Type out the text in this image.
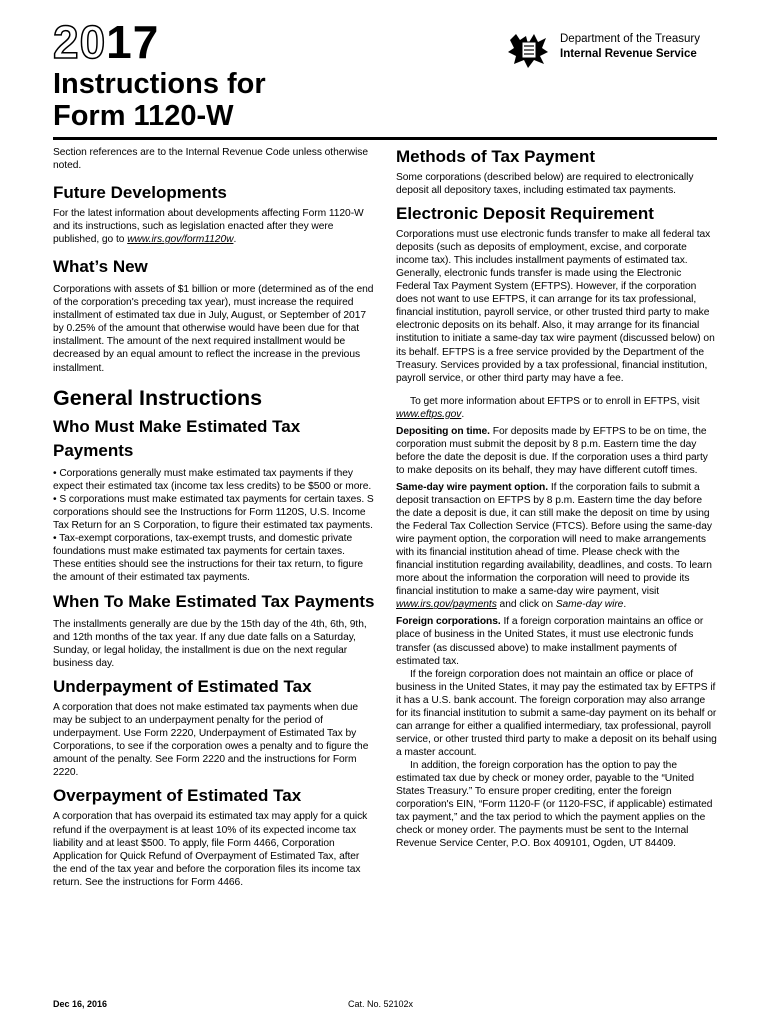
2017
Instructions for
Form 1120-W
Department of the Treasury
Internal Revenue Service

Section references are to the Internal Revenue Code unless otherwise noted.

Future Developments

For the latest information about developments affecting Form 1120-W and its instructions, such as legislation enacted after they were published, go to www.irs.gov/form1120w.

What’s New

Corporations with assets of $1 billion or more (determined as of the end of the corporation's preceding tax year), must increase the required installment of estimated tax due in July, August, or September of 2017 by 0.25% of the amount that otherwise would have been due for that installment. The amount of the next required installment would be decreased by an equal amount to reflect the increase in the previous installment.

General Instructions
Who Must Make Estimated Tax Payments

• Corporations generally must make estimated tax payments if they expect their estimated tax (income tax less credits) to be $500 or more.

• S corporations must make estimated tax payments for certain taxes. S corporations should see the Instructions for Form 1120S, U.S. Income Tax Return for an S Corporation, to figure their estimated tax payments.

• Tax-exempt corporations, tax-exempt trusts, and domestic private foundations must make estimated tax payments for certain taxes. These entities should see the instructions for their tax return, to figure the amount of their estimated tax payments.

When To Make Estimated Tax Payments

The installments generally are due by the 15th day of the 4th, 6th, 9th, and 12th months of the tax year. If any due date falls on a Saturday, Sunday, or legal holiday, the installment is due on the next regular business day.

Underpayment of Estimated Tax

A corporation that does not make estimated tax payments when due may be subject to an underpayment penalty for the period of underpayment. Use Form 2220, Underpayment of Estimated Tax by Corporations, to see if the corporation owes a penalty and to figure the amount of the penalty. See Form 2220 and the instructions for Form 2220.

Overpayment of Estimated Tax

A corporation that has overpaid its estimated tax may apply for a quick refund if the overpayment is at least 10% of its expected income tax liability and at least $500. To apply, file Form 4466, Corporation Application for Quick Refund of Overpayment of Estimated Tax, after the end of the tax year and before the corporation files its income tax return. See the instructions for Form 4466.

Methods of Tax Payment

Some corporations (described below) are required to electronically deposit all depository taxes, including estimated tax payments.

Electronic Deposit Requirement

Corporations must use electronic funds transfer to make all federal tax deposits (such as deposits of employment, excise, and corporate income tax). This includes installment payments of estimated tax. Generally, electronic funds transfer is made using the Electronic Federal Tax Payment System (EFTPS). However, if the corporation does not want to use EFTPS, it can arrange for its tax professional, financial institution, payroll service, or other trusted third party to make electronic deposits on its behalf. Also, it may arrange for its financial institution to initiate a same-day tax wire payment (discussed below) on its behalf. EFTPS is a free service provided by the Department of the Treasury. Services provided by a tax professional, financial institution, payroll service, or other third party may have a fee.

To get more information about EFTPS or to enroll in EFTPS, visit www.eftps.gov.

Depositing on time. For deposits made by EFTPS to be on time, the corporation must submit the deposit by 8 p.m. Eastern time the day before the date the deposit is due. If the corporation uses a third party to make deposits on its behalf, they may have different cutoff times.

Same-day wire payment option. If the corporation fails to submit a deposit transaction on EFTPS by 8 p.m. Eastern time the day before the date a deposit is due, it can still make the deposit on time by using the Federal Tax Collection Service (FTCS). Before using the same-day wire payment option, the corporation will need to make arrangements with its financial institution ahead of time. Please check with the financial institution regarding availability, deadlines, and costs. To learn more about the information the corporation will need to provide its financial institution to make a same-day wire payment, visit www.irs.gov/payments and click on Same-day wire.

Foreign corporations. If a foreign corporation maintains an office or place of business in the United States, it must use electronic funds transfer (as discussed above) to make installment payments of estimated tax.

If the foreign corporation does not maintain an office or place of business in the United States, it may pay the estimated tax by EFTPS if it has a U.S. bank account. The foreign corporation may also arrange for its financial institution to submit a same-day payment on its behalf or can arrange for either a qualified intermediary, tax professional, payroll service, or other trusted third party to make a deposit on its behalf using a master account.

In addition, the foreign corporation has the option to pay the estimated tax due by check or money order, payable to the “United States Treasury.” To ensure proper crediting, enter the foreign corporation's EIN, “Form 1120-F (or 1120-FSC, if applicable) estimated tax payment,” and the tax period to which the payment applies on the check or money order. The payments must be sent to the Internal Revenue Service Center, P.O. Box 409101, Ogden, UT 84409.

Dec 16, 2016	Cat. No. 52102x
